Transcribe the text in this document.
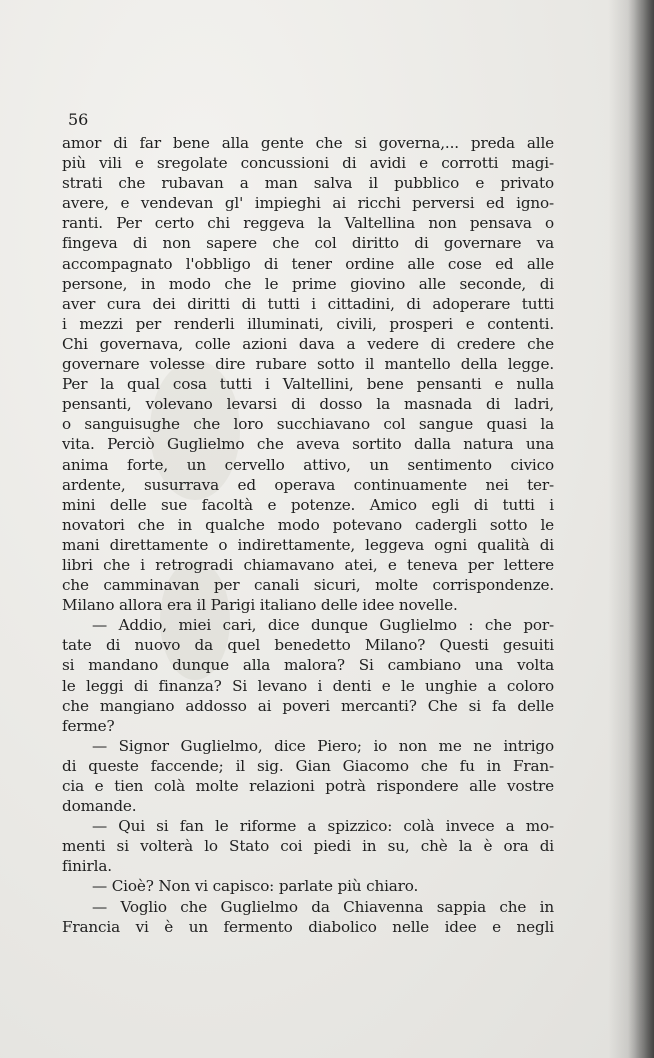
56
amor di far bene alla gente che si governa,... preda alle
più vili e sregolate concussioni di avidi e corrotti magi-
strati che rubavan a man salva il pubblico e privato
avere, e vendevan gl' impieghi ai ricchi perversi ed igno-
ranti. Per certo chi reggeva la Valtellina non pensava o
fingeva di non sapere che col diritto di governare va
accompagnato l'obbligo di tener ordine alle cose ed alle
persone, in modo che le prime giovino alle seconde, di
aver cura dei diritti di tutti i cittadini, di adoperare tutti
i mezzi per renderli illuminati, civili, prosperi e contenti.
Chi governava, colle azioni dava a vedere di credere che
governare volesse dire rubare sotto il mantello della legge.
Per la qual cosa tutti i Valtellini, bene pensanti e nulla
pensanti, volevano levarsi di dosso la masnada di ladri,
o sanguisughe che loro succhiavano col sangue quasi la
vita. Perciò Guglielmo che aveva sortito dalla natura una
anima forte, un cervello attivo, un sentimento civico
ardente, susurrava ed operava continuamente nei ter-
mini delle sue facoltà e potenze. Amico egli di tutti i
novatori che in qualche modo potevano cadergli sotto le
mani direttamente o indirettamente, leggeva ogni qualità di
libri che i retrogradi chiamavano atei, e teneva per lettere
che camminavan per canali sicuri, molte corrispondenze.
Milano allora era il Parigi italiano delle idee novelle.
— Addio, miei cari, dice dunque Guglielmo : che por-
tate di nuovo da quel benedetto Milano? Questi gesuiti
si mandano dunque alla malora? Si cambiano una volta
le leggi di finanza? Si levano i denti e le unghie a coloro
che mangiano addosso ai poveri mercanti? Che si fa delle
ferme?
— Signor Guglielmo, dice Piero; io non me ne intrigo
di queste faccende; il sig. Gian Giacomo che fu in Fran-
cia e tien colà molte relazioni potrà rispondere alle vostre
domande.
— Qui si fan le riforme a spizzico: colà invece a mo-
menti si volterà lo Stato coi piedi in su, chè la è ora di
finirla.
— Cioè? Non vi capisco: parlate più chiaro.
— Voglio che Guglielmo da Chiavenna sappia che in
Francia vi è un fermento diabolico nelle idee e negli
